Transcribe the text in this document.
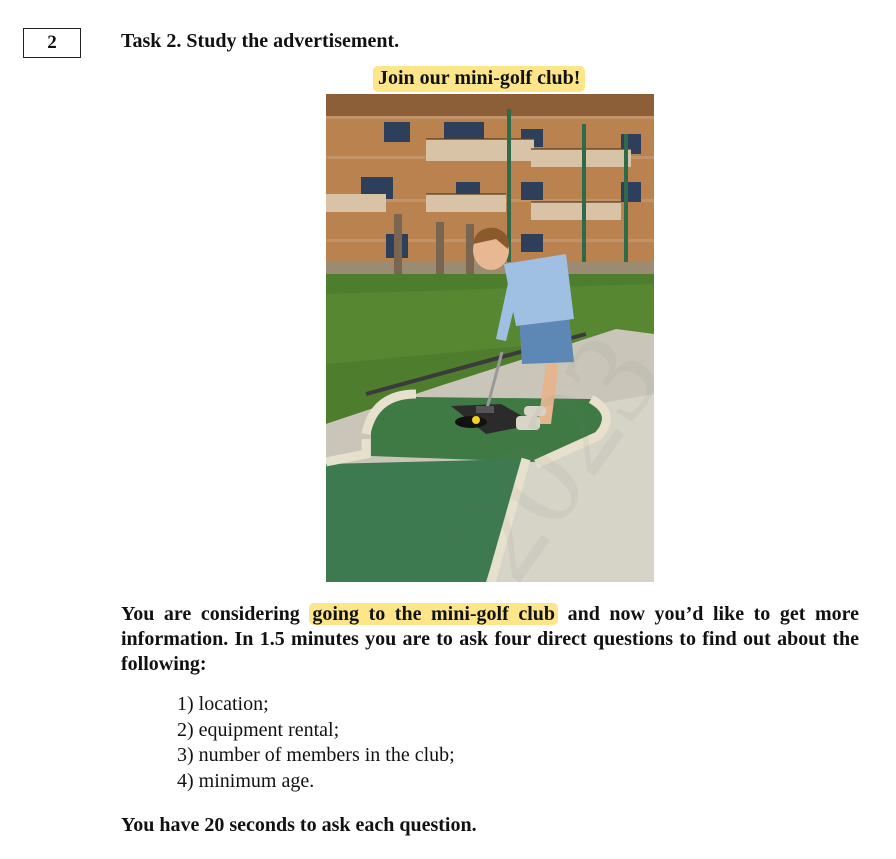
2	Task 2. Study the advertisement.
Join our mini-golf club!
You are considering going to the mini-golf club and now you’d like to get more information. In 1.5 minutes you are to ask four direct questions to find out about the following:
1) location;
2) equipment rental;
3) number of members in the club;
4) minimum age.
You have 20 seconds to ask each question.
